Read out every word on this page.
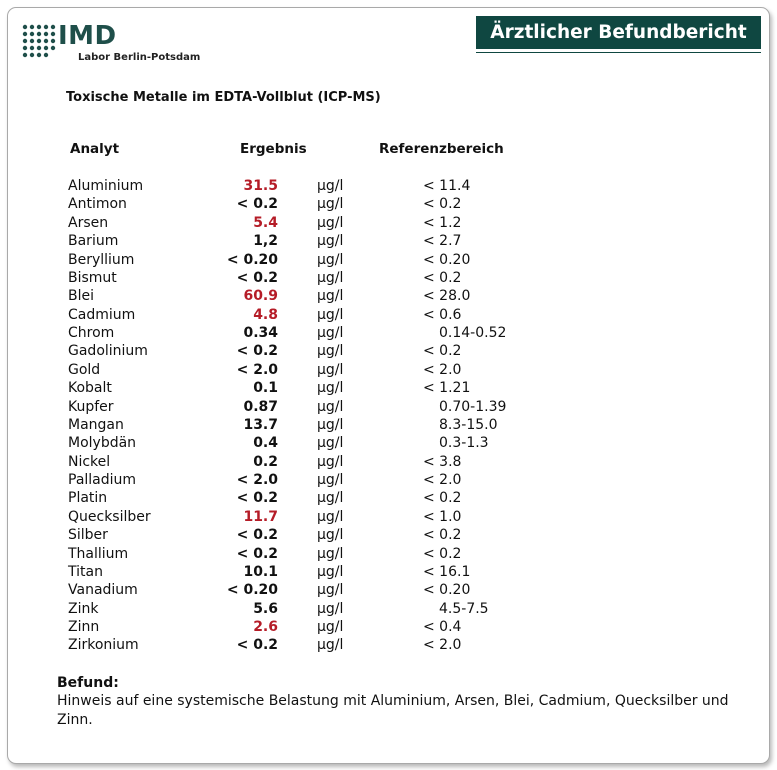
IMD
Labor Berlin-Potsdam
Ärztlicher Befundbericht
Toxische Metalle im EDTA-Vollblut (ICP-MS)
Analyt	Ergebnis	Referenzbereich
Aluminium	31.5	µg/l	< 11.4
Antimon	< 0.2	µg/l	< 0.2
Arsen	5.4	µg/l	< 1.2
Barium	1,2	µg/l	< 2.7
Beryllium	< 0.20	µg/l	< 0.20
Bismut	< 0.2	µg/l	< 0.2
Blei	60.9	µg/l	< 28.0
Cadmium	4.8	µg/l	< 0.6
Chrom	0.34	µg/l	0.14-0.52
Gadolinium	< 0.2	µg/l	< 0.2
Gold	< 2.0	µg/l	< 2.0
Kobalt	0.1	µg/l	< 1.21
Kupfer	0.87	µg/l	0.70-1.39
Mangan	13.7	µg/l	8.3-15.0
Molybdän	0.4	µg/l	0.3-1.3
Nickel	0.2	µg/l	< 3.8
Palladium	< 2.0	µg/l	< 2.0
Platin	< 0.2	µg/l	< 0.2
Quecksilber	11.7	µg/l	< 1.0
Silber	< 0.2	µg/l	< 0.2
Thallium	< 0.2	µg/l	< 0.2
Titan	10.1	µg/l	< 16.1
Vanadium	< 0.20	µg/l	< 0.20
Zink	5.6	µg/l	4.5-7.5
Zinn	2.6	µg/l	< 0.4
Zirkonium	< 0.2	µg/l	< 2.0
Befund:
Hinweis auf eine systemische Belastung mit Aluminium, Arsen, Blei, Cadmium, Quecksilber und Zinn.
